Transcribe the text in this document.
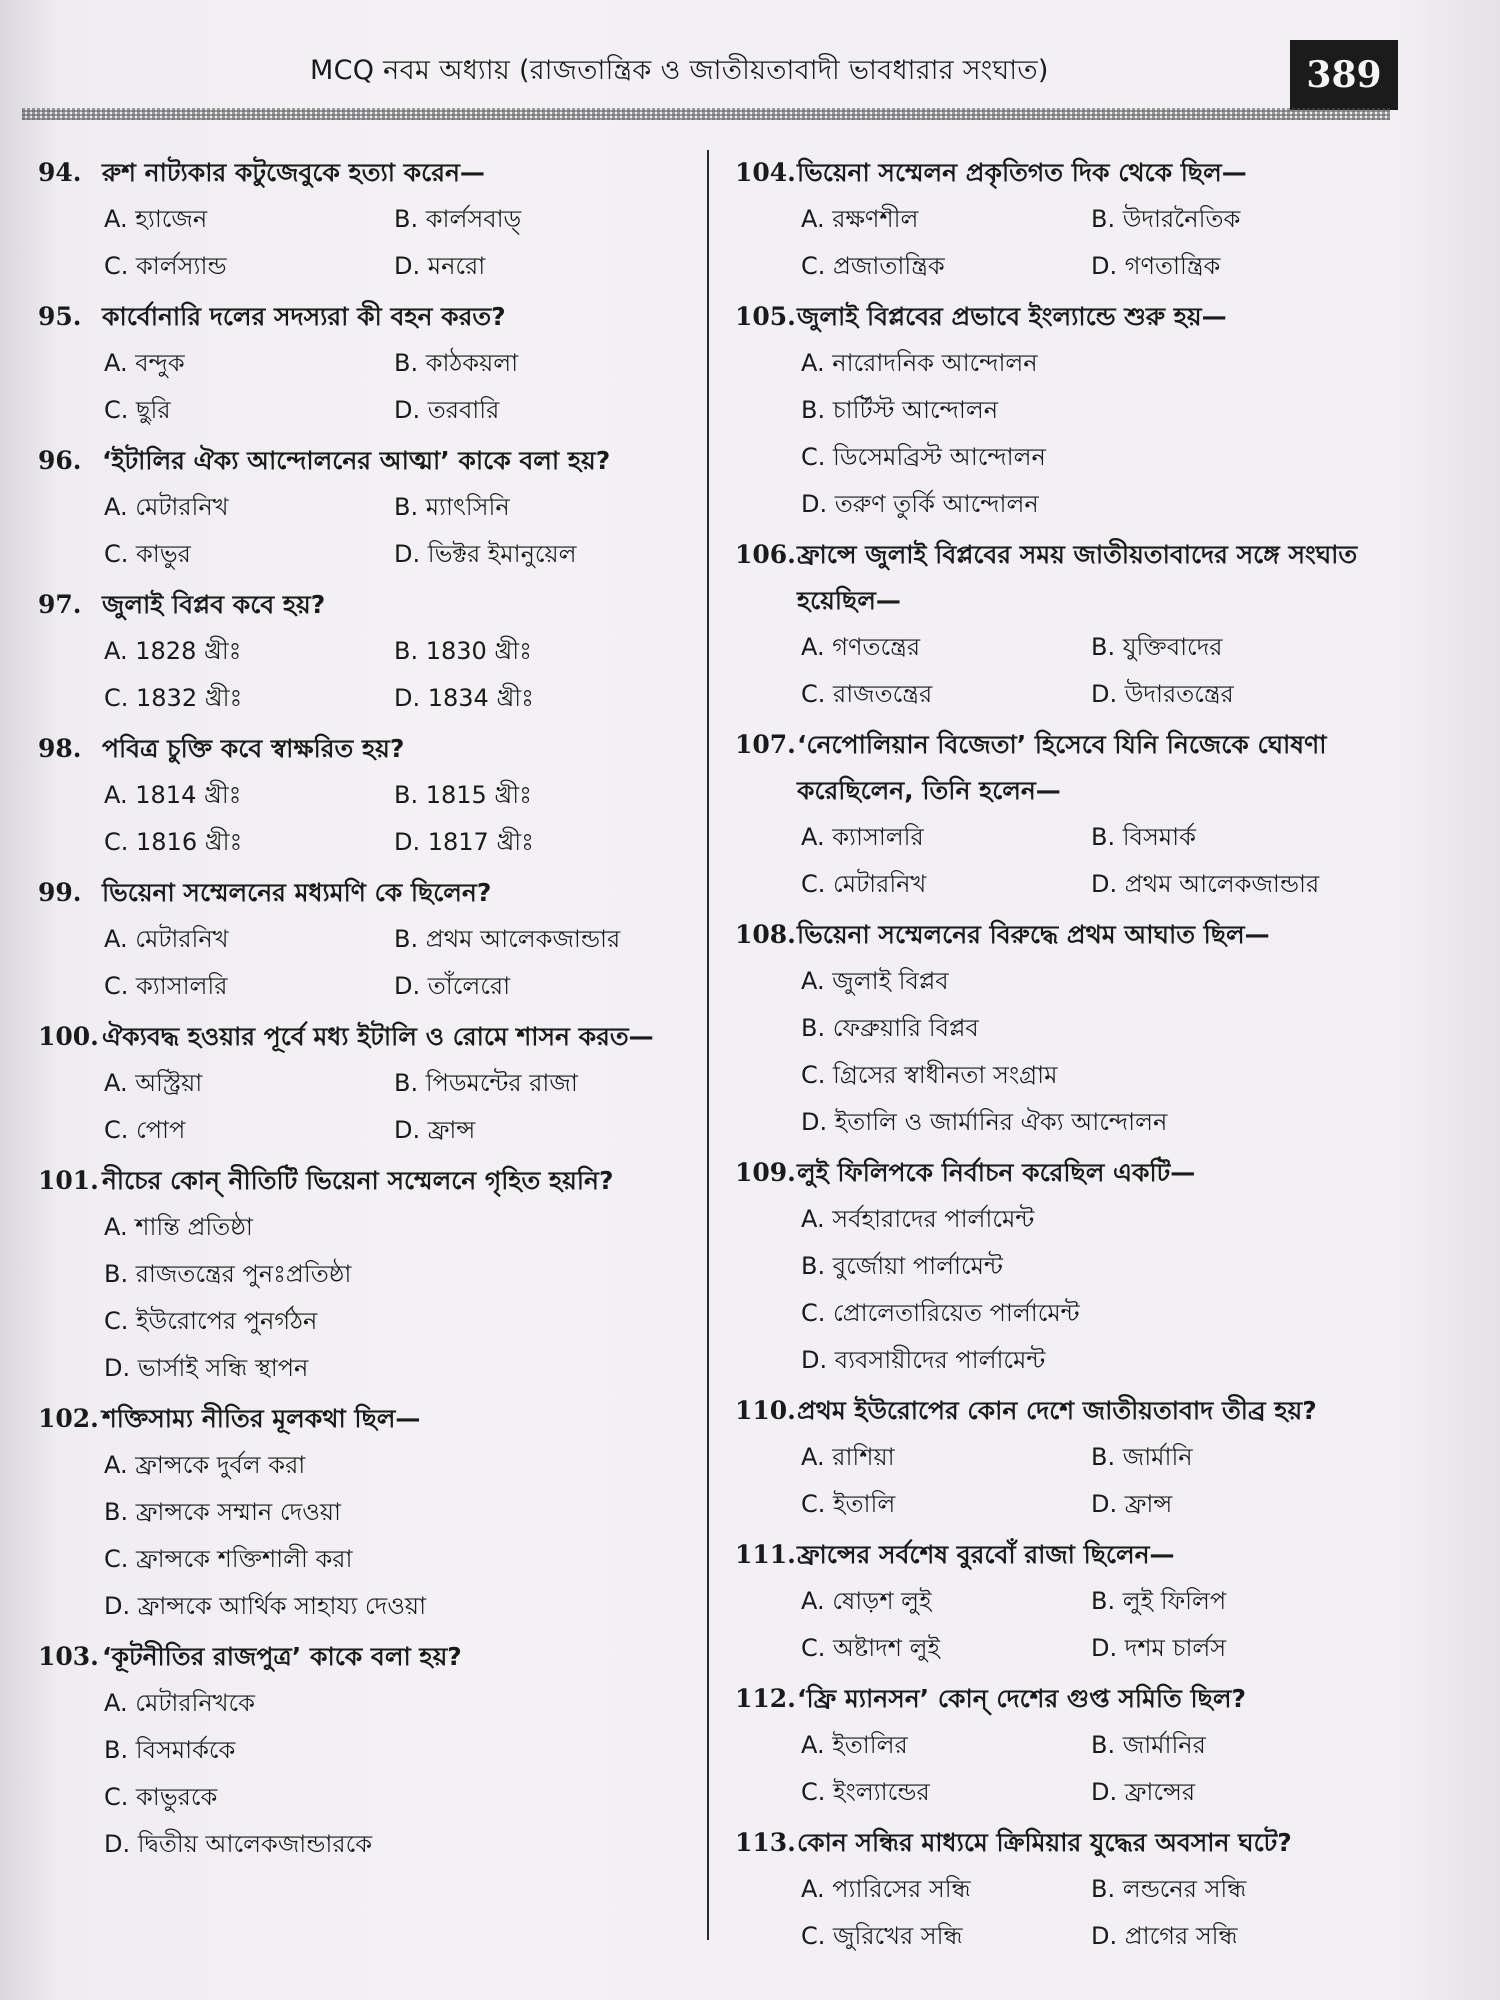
MCQ নবম অধ্যায় (রাজতান্ত্রিক ও জাতীয়তাবাদী ভাবধারার সংঘাত)	389
94. রুশ নাট্যকার কটুজেবুকে হত্যা করেন—
A. হ্যাজেন	B. কার্লসবাড্
C. কার্লস্যান্ড	D. মনরো
95. কার্বোনারি দলের সদস্যরা কী বহন করত?
A. বন্দুক	B. কাঠকয়লা
C. ছুরি	D. তরবারি
96. ‘ইটালির ঐক্য আন্দোলনের আত্মা’ কাকে বলা হয়?
A. মেটারনিখ	B. ম্যাৎসিনি
C. কাভুর	D. ভিক্টর ইমানুয়েল
97. জুলাই বিপ্লব কবে হয়?
A. 1828 খ্রীঃ	B. 1830 খ্রীঃ
C. 1832 খ্রীঃ	D. 1834 খ্রীঃ
98. পবিত্র চুক্তি কবে স্বাক্ষরিত হয়?
A. 1814 খ্রীঃ	B. 1815 খ্রীঃ
C. 1816 খ্রীঃ	D. 1817 খ্রীঃ
99. ভিয়েনা সম্মেলনের মধ্যমণি কে ছিলেন?
A. মেটারনিখ	B. প্রথম আলেকজান্ডার
C. ক্যাসালরি	D. তাঁলেরো
100. ঐক্যবদ্ধ হওয়ার পূর্বে মধ্য ইটালি ও রোমে শাসন করত—
A. অস্ট্রিয়া	B. পিডমন্টের রাজা
C. পোপ	D. ফ্রান্স
101. নীচের কোন্ নীতিটি ভিয়েনা সম্মেলনে গৃহিত হয়নি?
A. শান্তি প্রতিষ্ঠা
B. রাজতন্ত্রের পুনঃপ্রতিষ্ঠা
C. ইউরোপের পুনর্গঠন
D. ভার্সাই সন্ধি স্থাপন
102. শক্তিসাম্য নীতির মূলকথা ছিল—
A. ফ্রান্সকে দুর্বল করা
B. ফ্রান্সকে সম্মান দেওয়া
C. ফ্রান্সকে শক্তিশালী করা
D. ফ্রান্সকে আর্থিক সাহায্য দেওয়া
103. ‘কূটনীতির রাজপুত্র’ কাকে বলা হয়?
A. মেটারনিখকে
B. বিসমার্ককে
C. কাভুরকে
D. দ্বিতীয় আলেকজান্ডারকে
104. ভিয়েনা সম্মেলন প্রকৃতিগত দিক থেকে ছিল—
A. রক্ষণশীল	B. উদারনৈতিক
C. প্রজাতান্ত্রিক	D. গণতান্ত্রিক
105. জুলাই বিপ্লবের প্রভাবে ইংল্যান্ডে শুরু হয়—
A. নারোদনিক আন্দোলন
B. চার্টিস্ট আন্দোলন
C. ডিসেমব্রিস্ট আন্দোলন
D. তরুণ তুর্কি আন্দোলন
106. ফ্রান্সে জুলাই বিপ্লবের সময় জাতীয়তাবাদের সঙ্গে সংঘাত হয়েছিল—
A. গণতন্ত্রের	B. যুক্তিবাদের
C. রাজতন্ত্রের	D. উদারতন্ত্রের
107. ‘নেপোলিয়ান বিজেতা’ হিসেবে যিনি নিজেকে ঘোষণা করেছিলেন, তিনি হলেন—
A. ক্যাসালরি	B. বিসমার্ক
C. মেটারনিখ	D. প্রথম আলেকজান্ডার
108. ভিয়েনা সম্মেলনের বিরুদ্ধে প্রথম আঘাত ছিল—
A. জুলাই বিপ্লব
B. ফেব্রুয়ারি বিপ্লব
C. গ্রিসের স্বাধীনতা সংগ্রাম
D. ইতালি ও জার্মানির ঐক্য আন্দোলন
109. লুই ফিলিপকে নির্বাচন করেছিল একটি—
A. সর্বহারাদের পার্লামেন্ট
B. বুর্জোয়া পার্লামেন্ট
C. প্রোলেতারিয়েত পার্লামেন্ট
D. ব্যবসায়ীদের পার্লামেন্ট
110. প্রথম ইউরোপের কোন দেশে জাতীয়তাবাদ তীব্র হয়?
A. রাশিয়া	B. জার্মানি
C. ইতালি	D. ফ্রান্স
111. ফ্রান্সের সর্বশেষ বুরবোঁ রাজা ছিলেন—
A. ষোড়শ লুই	B. লুই ফিলিপ
C. অষ্টাদশ লুই	D. দশম চার্লস
112. ‘ফ্রি ম্যানসন’ কোন্ দেশের গুপ্ত সমিতি ছিল?
A. ইতালির	B. জার্মানির
C. ইংল্যান্ডের	D. ফ্রান্সের
113. কোন সন্ধির মাধ্যমে ক্রিমিয়ার যুদ্ধের অবসান ঘটে?
A. প্যারিসের সন্ধি	B. লন্ডনের সন্ধি
C. জুরিখের সন্ধি	D. প্রাগের সন্ধি
